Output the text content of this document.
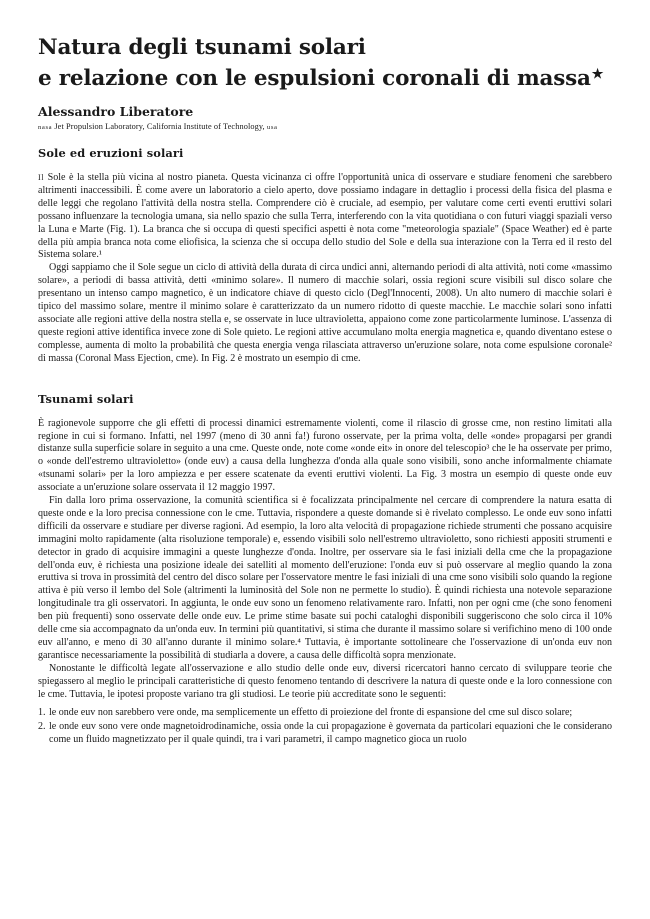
Natura degli tsunami solari
e relazione con le espulsioni coronali di massa★
Alessandro Liberatore
nasa Jet Propulsion Laboratory, California Institute of Technology, usa
Sole ed eruzioni solari

Il Sole è la stella più vicina al nostro pianeta. Questa vicinanza ci offre l'opportunità unica di osservare e studiare fenomeni che sarebbero altrimenti inaccessibili. È come avere un laboratorio a cielo aperto, dove possiamo indagare in dettaglio i processi della fisica del plasma e delle leggi che regolano l'attività della nostra stella. Comprendere ciò è cruciale, ad esempio, per valutare come certi eventi eruttivi solari possano influenzare la tecnologia umana, sia nello spazio che sulla Terra, interferendo con la vita quotidiana o con futuri viaggi spaziali verso la Luna e Marte (Fig. 1). La branca che si occupa di questi specifici aspetti è nota come "meteorologia spaziale" (Space Weather) ed è parte della più ampia branca nota come eliofisica, la scienza che si occupa dello studio del Sole e della sua interazione con la Terra ed il resto del Sistema solare.¹

Oggi sappiamo che il Sole segue un ciclo di attività della durata di circa undici anni, alternando periodi di alta attività, noti come «massimo solare», a periodi di bassa attività, detti «minimo solare». Il numero di macchie solari, ossia regioni scure visibili sul disco solare che presentano un intenso campo magnetico, è un indicatore chiave di questo ciclo (Degl'Innocenti, 2008). Un alto numero di macchie solari è tipico del massimo solare, mentre il minimo solare è caratterizzato da un numero ridotto di queste macchie. Le macchie solari sono infatti associate alle regioni attive della nostra stella e, se osservate in luce ultravioletta, appaiono come zone particolarmente luminose. L'assenza di queste regioni attive identifica invece zone di Sole quieto. Le regioni attive accumulano molta energia magnetica e, quando diventano estese o complesse, aumenta di molto la probabilità che questa energia venga rilasciata attraverso un'eruzione solare, nota come espulsione coronale² di massa (Coronal Mass Ejection, cme). In Fig. 2 è mostrato un esempio di cme.

Tsunami solari

È ragionevole supporre che gli effetti di processi dinamici estremamente violenti, come il rilascio di grosse cme, non restino limitati alla regione in cui si formano. Infatti, nel 1997 (meno di 30 anni fa!) furono osservate, per la prima volta, delle «onde» propagarsi per grandi distanze sulla superficie solare in seguito a una cme. Queste onde, note come «onde eit» in onore del telescopio³ che le ha osservate per primo, o «onde dell'estremo ultravioletto» (onde euv) a causa della lunghezza d'onda alla quale sono visibili, sono anche informalmente chiamate «tsunami solari» per la loro ampiezza e per essere scatenate da eventi eruttivi violenti. La Fig. 3 mostra un esempio di queste onde euv associate a un'eruzione solare osservata il 12 maggio 1997.

Fin dalla loro prima osservazione, la comunità scientifica si è focalizzata principalmente nel cercare di comprendere la natura esatta di queste onde e la loro precisa connessione con le cme. Tuttavia, rispondere a queste domande si è rivelato complesso. Le onde euv sono infatti difficili da osservare e studiare per diverse ragioni. Ad esempio, la loro alta velocità di propagazione richiede strumenti che possano acquisire immagini molto rapidamente (alta risoluzione temporale) e, essendo visibili solo nell'estremo ultravioletto, sono richiesti appositi strumenti e detector in grado di acquisire immagini a queste lunghezze d'onda. Inoltre, per osservare sia le fasi iniziali della cme che la propagazione dell'onda euv, è richiesta una posizione ideale dei satelliti al momento dell'eruzione: l'onda euv si può osservare al meglio quando la zona eruttiva si trova in prossimità del centro del disco solare per l'osservatore mentre le fasi iniziali di una cme sono visibili solo quando la regione attiva è più verso il lembo del Sole (altrimenti la luminosità del Sole non ne permette lo studio). È quindi richiesta una notevole separazione longitudinale tra gli osservatori. In aggiunta, le onde euv sono un fenomeno relativamente raro. Infatti, non per ogni cme (che sono fenomeni ben più frequenti) sono osservate delle onde euv. Le prime stime basate sui pochi cataloghi disponibili suggeriscono che solo circa il 10% delle cme sia accompagnato da un'onda euv. In termini più quantitativi, si stima che durante il massimo solare si verifichino meno di 100 onde euv all'anno, e meno di 30 all'anno durante il minimo solare.⁴ Tuttavia, è importante sottolineare che l'osservazione di un'onda euv non garantisce necessariamente la possibilità di studiarla a dovere, a causa delle difficoltà sopra menzionate.

Nonostante le difficoltà legate all'osservazione e allo studio delle onde euv, diversi ricercatori hanno cercato di sviluppare teorie che spiegassero al meglio le principali caratteristiche di questo fenomeno tentando di descrivere la natura di queste onde e la loro connessione con le cme. Tuttavia, le ipotesi proposte variano tra gli studiosi. Le teorie più accreditate sono le seguenti:

1. le onde euv non sarebbero vere onde, ma semplicemente un effetto di proiezione del fronte di espansione del cme sul disco solare;
2. le onde euv sono vere onde magnetoidrodinamiche, ossia onde la cui propagazione è governata da particolari equazioni che le considerano come un fluido magnetizzato per il quale quindi, tra i vari parametri, il campo magnetico gioca un ruolo
